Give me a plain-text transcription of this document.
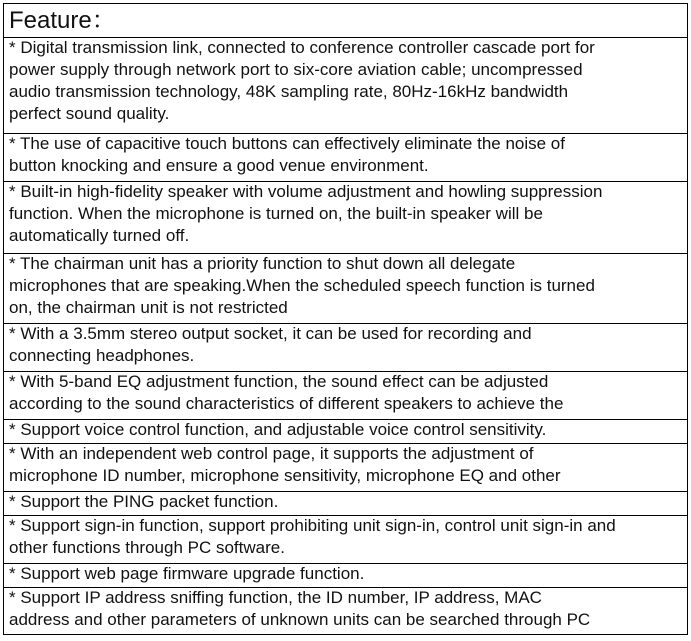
Feature：
* Digital transmission link, connected to conference controller cascade port for
power supply through network port to six-core aviation cable; uncompressed
audio transmission technology, 48K sampling rate, 80Hz-16kHz bandwidth
perfect sound quality.
* The use of capacitive touch buttons can effectively eliminate the noise of
button knocking and ensure a good venue environment.
* Built-in high-fidelity speaker with volume adjustment and howling suppression
function. When the microphone is turned on, the built-in speaker will be
automatically turned off.
* The chairman unit has a priority function to shut down all delegate
microphones that are speaking.When the scheduled speech function is turned
on, the chairman unit is not restricted
* With a 3.5mm stereo output socket, it can be used for recording and
connecting headphones.
* With 5-band EQ adjustment function, the sound effect can be adjusted
according to the sound characteristics of different speakers to achieve the
* Support voice control function, and adjustable voice control sensitivity.
* With an independent web control page, it supports the adjustment of
microphone ID number, microphone sensitivity, microphone EQ and other
* Support the PING packet function.
* Support sign-in function, support prohibiting unit sign-in, control unit sign-in and
other functions through PC software.
* Support web page firmware upgrade function.
* Support IP address sniffing function, the ID number, IP address, MAC
address and other parameters of unknown units can be searched through PC
